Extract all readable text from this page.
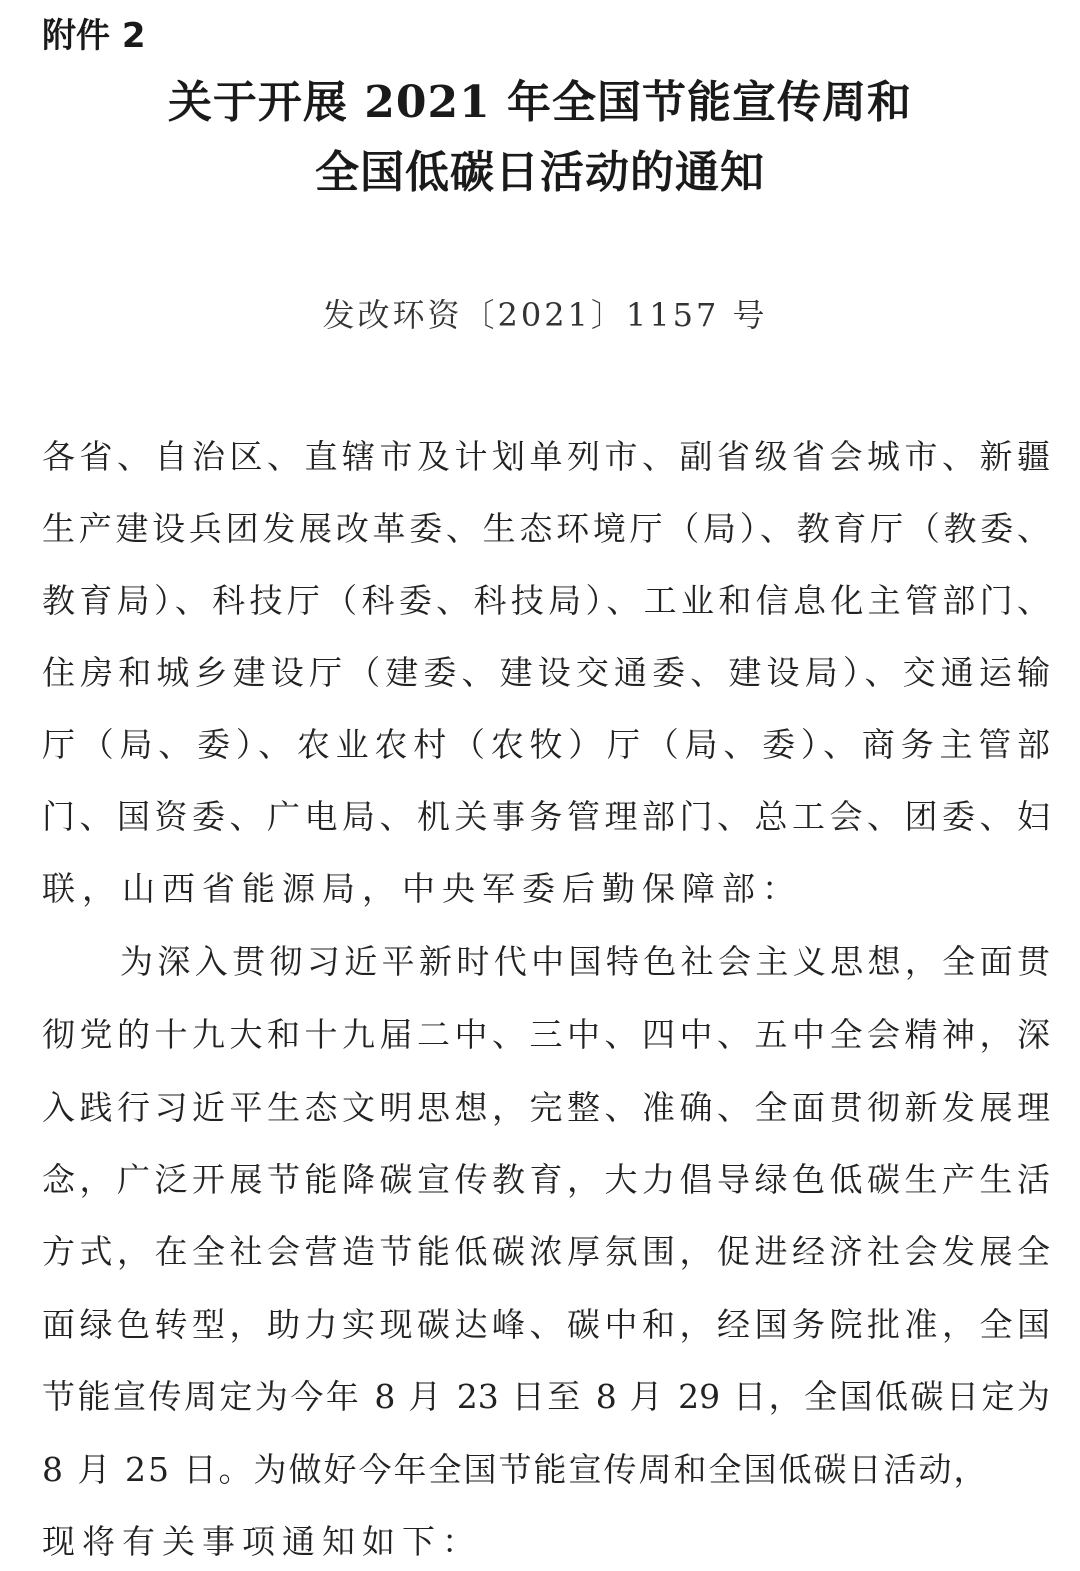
附件 2
关于开展 2021 年全国节能宣传周和
全国低碳日活动的通知
发改环资〔2021〕1157 号
各省、自治区、直辖市及计划单列市、副省级省会城市、新疆
生产建设兵团发展改革委、生态环境厅（局）、教育厅（教委、
教育局）、科技厅（科委、科技局）、工业和信息化主管部门、
住房和城乡建设厅（建委、建设交通委、建设局）、交通运输
厅（局、委）、农业农村（农牧）厅（局、委）、商务主管部
门、国资委、广电局、机关事务管理部门、总工会、团委、妇
联，山西省能源局，中央军委后勤保障部：
为深入贯彻习近平新时代中国特色社会主义思想，全面贯
彻党的十九大和十九届二中、三中、四中、五中全会精神，深
入践行习近平生态文明思想，完整、准确、全面贯彻新发展理
念，广泛开展节能降碳宣传教育，大力倡导绿色低碳生产生活
方式，在全社会营造节能低碳浓厚氛围，促进经济社会发展全
面绿色转型，助力实现碳达峰、碳中和，经国务院批准，全国
节能宣传周定为今年 8 月 23 日至 8 月 29 日，全国低碳日定为
8 月 25 日。为做好今年全国节能宣传周和全国低碳日活动，
现将有关事项通知如下：
